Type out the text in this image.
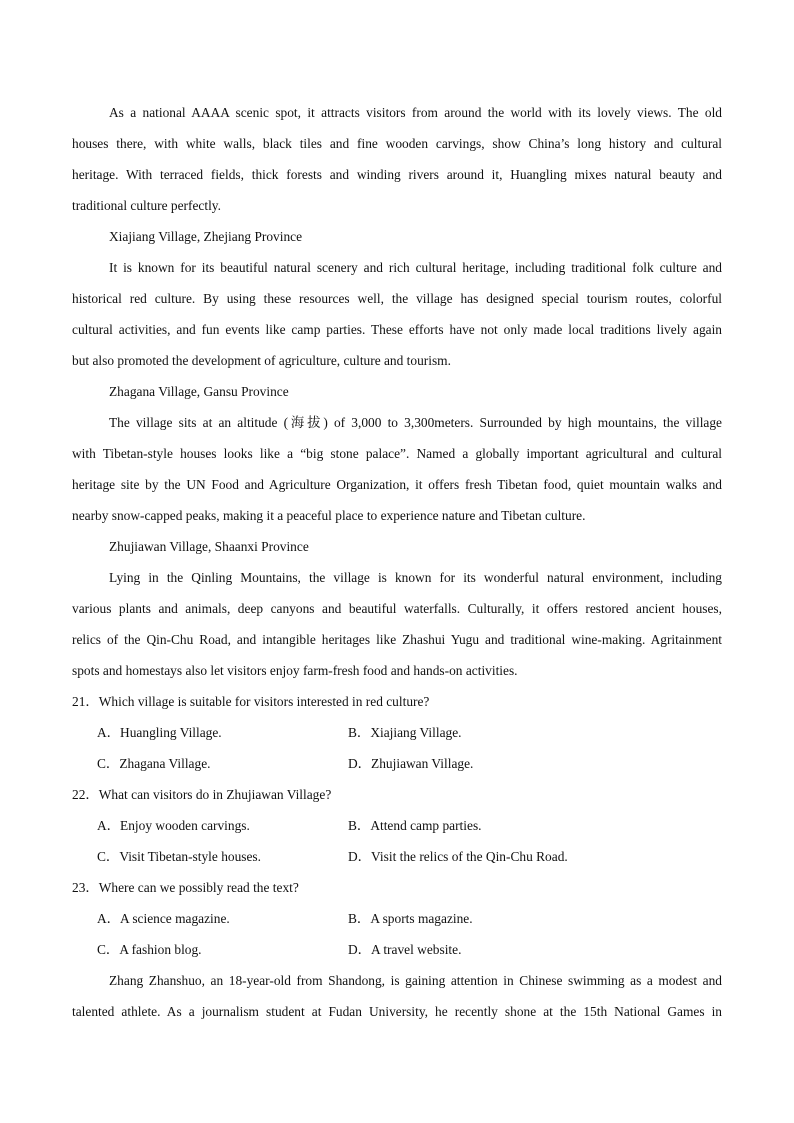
As a national AAAA scenic spot, it attracts visitors from around the world with its lovely views. The old
houses there, with white walls, black tiles and fine wooden carvings, show China’s long history and cultural
heritage. With terraced fields, thick forests and winding rivers around it, Huangling mixes natural beauty and
traditional culture perfectly.
Xiajiang Village, Zhejiang Province
It is known for its beautiful natural scenery and rich cultural heritage, including traditional folk culture and
historical red culture. By using these resources well, the village has designed special tourism routes, colorful
cultural activities, and fun events like camp parties. These efforts have not only made local traditions lively again
but also promoted the development of agriculture, culture and tourism.
Zhagana Village, Gansu Province
The village sits at an altitude (海拔) of 3,000 to 3,300meters. Surrounded by high mountains, the village
with Tibetan-style houses looks like a “big stone palace”. Named a globally important agricultural and cultural
heritage site by the UN Food and Agriculture Organization, it offers fresh Tibetan food, quiet mountain walks and
nearby snow-capped peaks, making it a peaceful place to experience nature and Tibetan culture.
Zhujiawan Village, Shaanxi Province
Lying in the Qinling Mountains, the village is known for its wonderful natural environment, including
various plants and animals, deep canyons and beautiful waterfalls. Culturally, it offers restored ancient houses,
relics of the Qin-Chu Road, and intangible heritages like Zhashui Yugu and traditional wine-making. Agritainment
spots and homestays also let visitors enjoy farm-fresh food and hands-on activities.
21．Which village is suitable for visitors interested in red culture?
A．Huangling Village.	B．Xiajiang Village.
C．Zhagana Village.	D．Zhujiawan Village.
22．What can visitors do in Zhujiawan Village?
A．Enjoy wooden carvings.	B．Attend camp parties.
C．Visit Tibetan-style houses.	D．Visit the relics of the Qin-Chu Road.
23．Where can we possibly read the text?
A．A science magazine.	B．A sports magazine.
C．A fashion blog.	D．A travel website.
Zhang Zhanshuo, an 18-year-old from Shandong, is gaining attention in Chinese swimming as a modest and
talented athlete. As a journalism student at Fudan University, he recently shone at the 15th National Games in
